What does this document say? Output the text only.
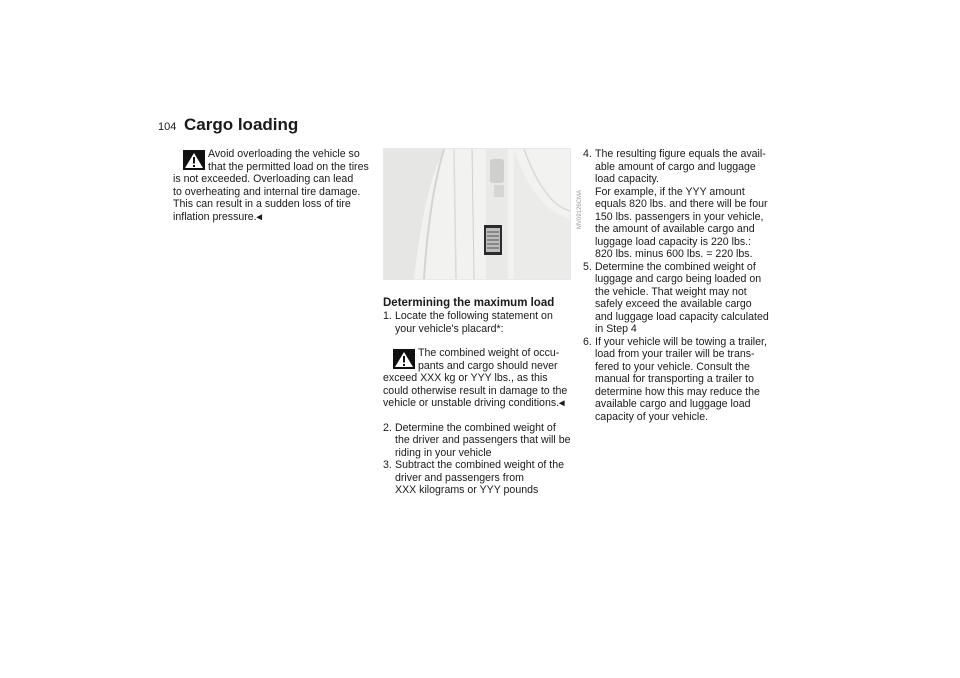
104 Cargo loading

Avoid overloading the vehicle so
that the permitted load on the tires
is not exceeded. Overloading can lead
to overheating and internal tire damage.
This can result in a sudden loss of tire
inflation pressure.◂	MV09126CMA
Determining the maximum load
1. Locate the following statement on
your vehicle's placard*:

The combined weight of occu-
pants and cargo should never
exceed XXX kg or YYY lbs., as this
could otherwise result in damage to the
vehicle or unstable driving conditions.◂

2. Determine the combined weight of
the driver and passengers that will be
riding in your vehicle
3. Subtract the combined weight of the
driver and passengers from
XXX kilograms or YYY pounds
4. The resulting figure equals the avail-
able amount of cargo and luggage
load capacity.
For example, if the YYY amount
equals 820 lbs. and there will be four
150 lbs. passengers in your vehicle,
the amount of available cargo and
luggage load capacity is 220 lbs.:
820 lbs. minus 600 lbs. = 220 lbs.
5. Determine the combined weight of
luggage and cargo being loaded on
the vehicle. That weight may not
safely exceed the available cargo
and luggage load capacity calculated
in Step 4
6. If your vehicle will be towing a trailer,
load from your trailer will be trans-
fered to your vehicle. Consult the
manual for transporting a trailer to
determine how this may reduce the
available cargo and luggage load
capacity of your vehicle.
